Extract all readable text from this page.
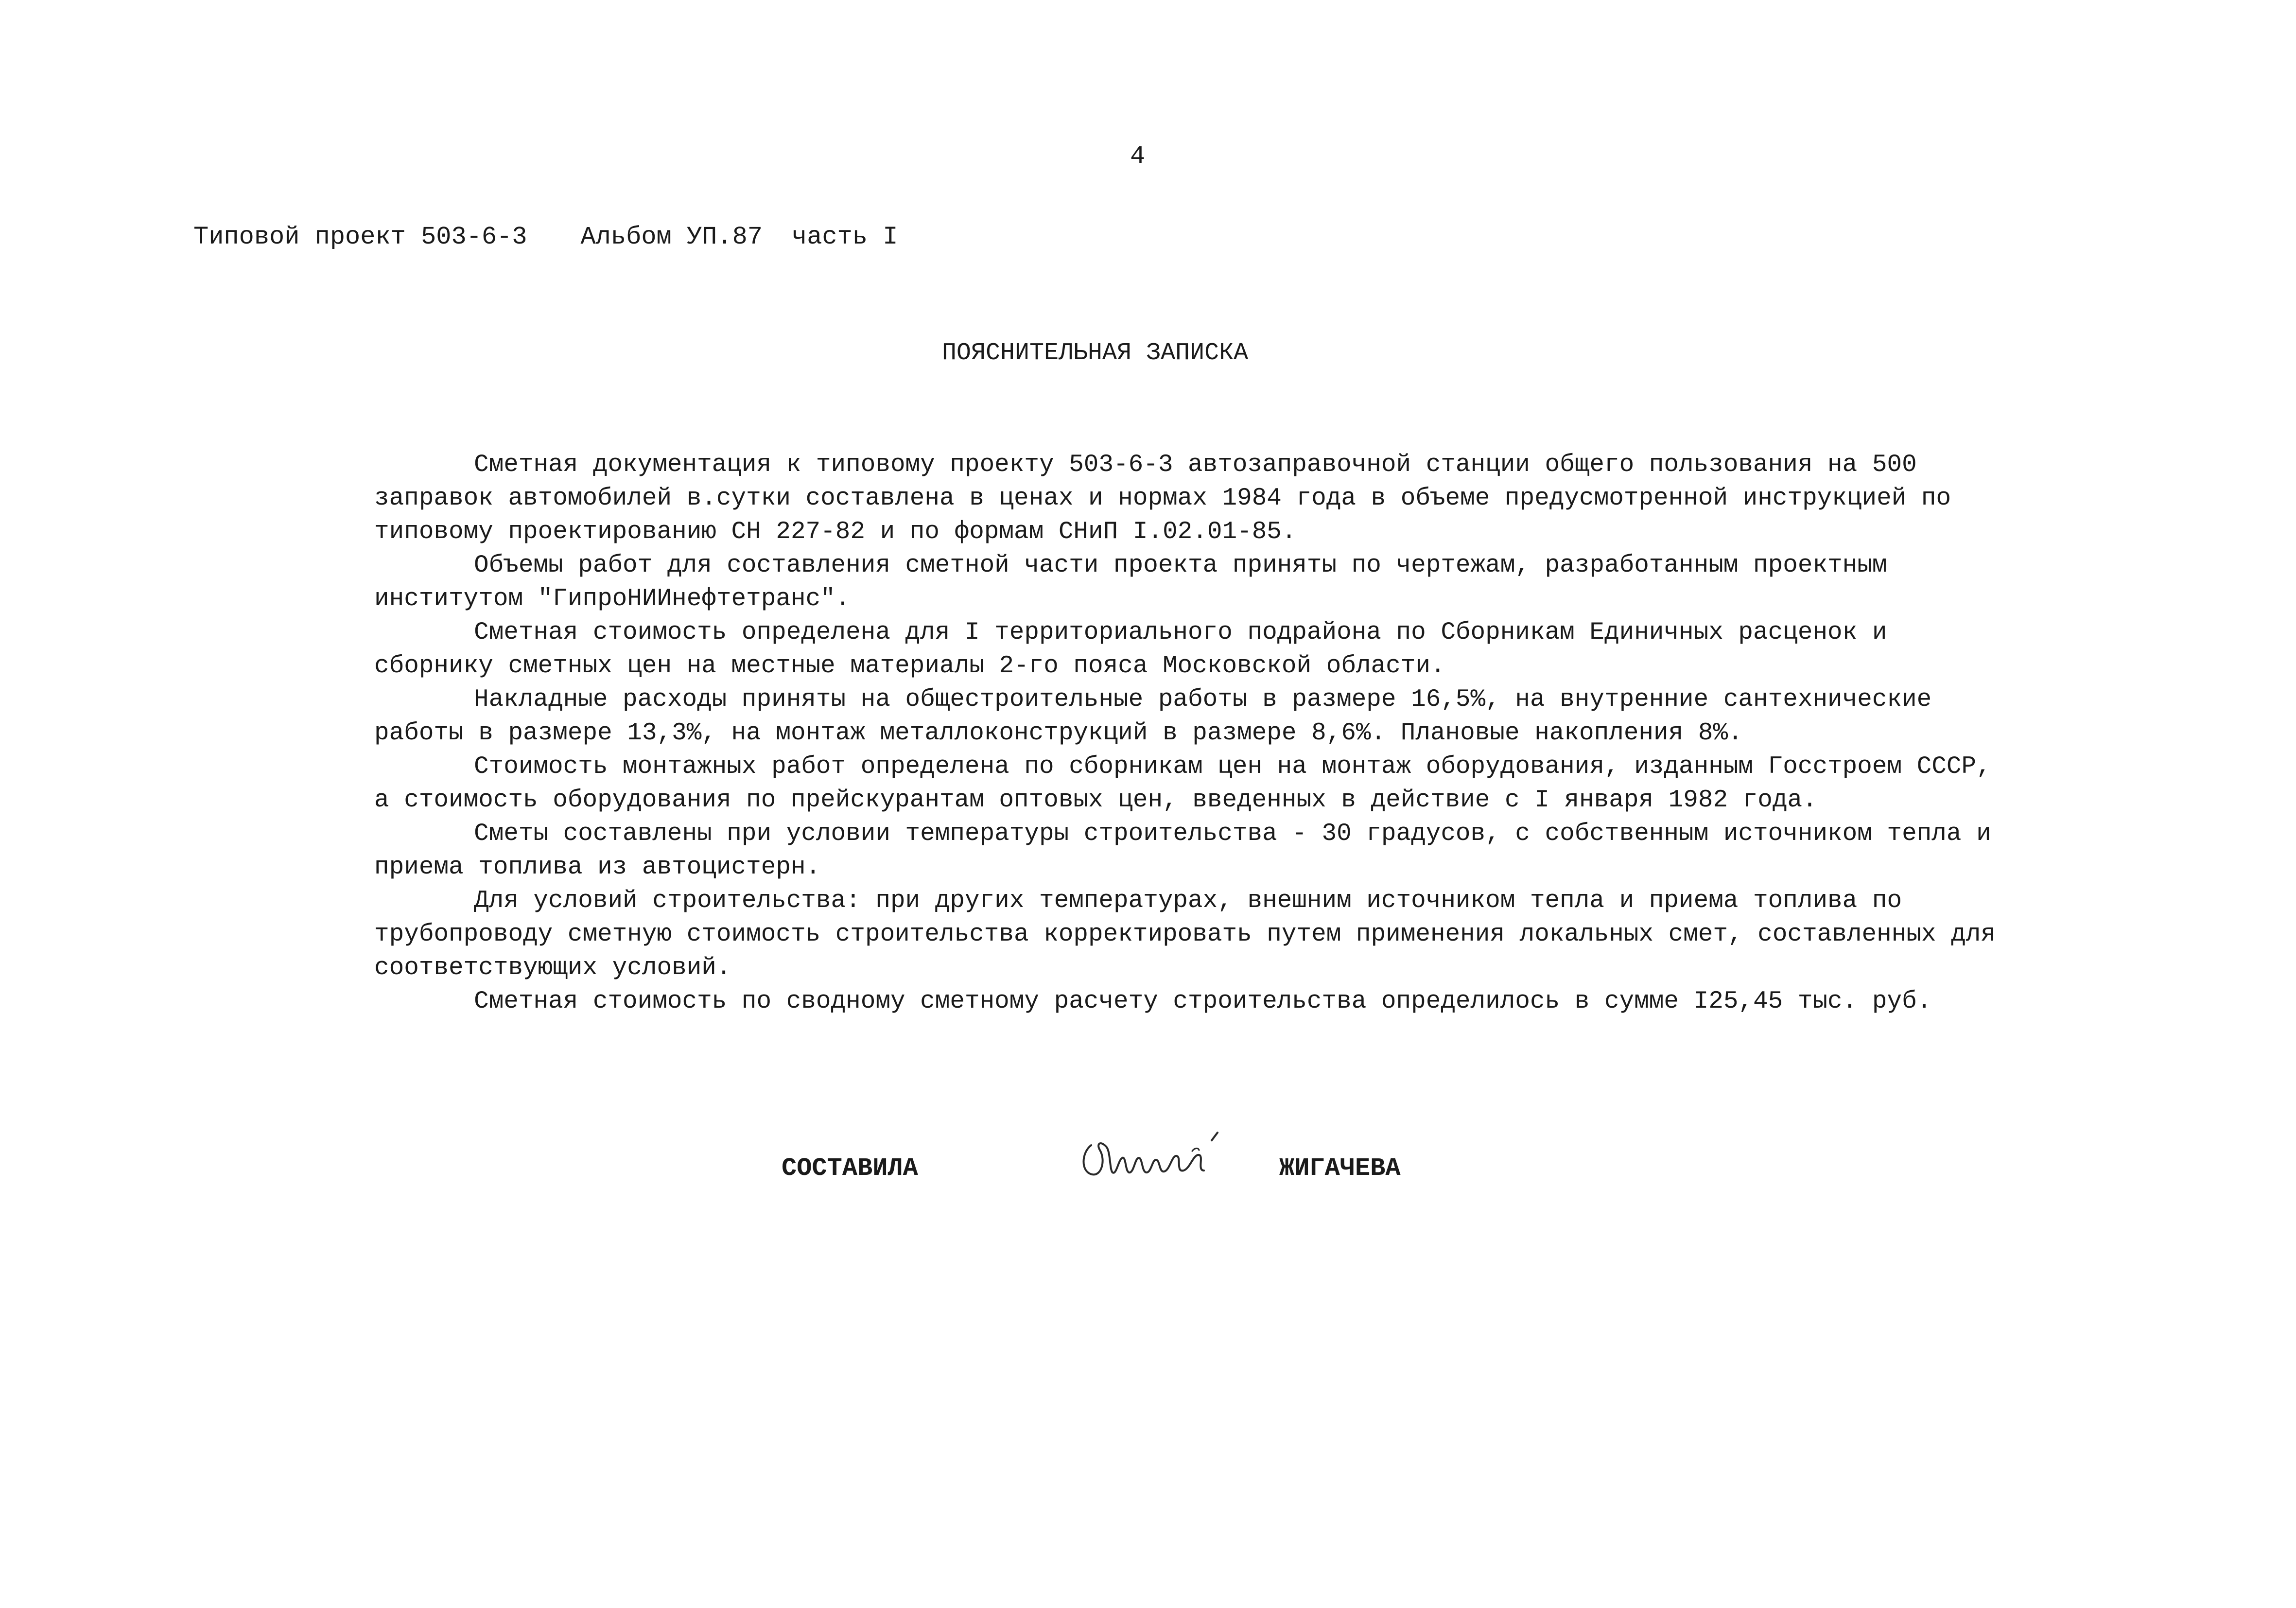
4
Типовой проект 503-6-3 Альбом УП.87 часть I
ПОЯСНИТЕЛЬНАЯ ЗАПИСКА

Сметная документация к типовому проекту 503-6-3 автозаправочной станции общего пользования на 500 заправок автомобилей в.сутки составлена в ценах и нормах 1984 года в объеме предусмотренной инструкцией по типовому проектированию СН 227-82 и по формам СНиП I.02.01-85.

Объемы работ для составления сметной части проекта приняты по чертежам, разработанным проектным институтом "ГипроНИИнефтетранс".

Сметная стоимость определена для I территориального подрайона по Сборникам Единичных расценок и сборнику сметных цен на местные материалы 2-го пояса Московской области.

Накладные расходы приняты на общестроительные работы в размере 16,5%, на внутренние сантехнические работы в размере 13,3%, на монтаж металлоконструкций в размере 8,6%. Плановые накопления 8%.

Стоимость монтажных работ определена по сборникам цен на монтаж оборудования, изданным Госстроем СССР, а стоимость оборудования по прейскурантам оптовых цен, введенных в действие с I января 1982 года.

Сметы составлены при условии температуры строительства - 30 градусов, с собственным источником тепла и приема топлива из автоцистерн.

Для условий строительства: при других температурах, внешним источником тепла и приема топлива по трубопроводу сметную стоимость строительства корректировать путем применения локальных смет, составленных для соответствующих условий.

Сметная стоимость по сводному сметному расчету строительства определилось в сумме I25,45 тыс. руб.

СОСТАВИЛА	ЖИГАЧЕВА
